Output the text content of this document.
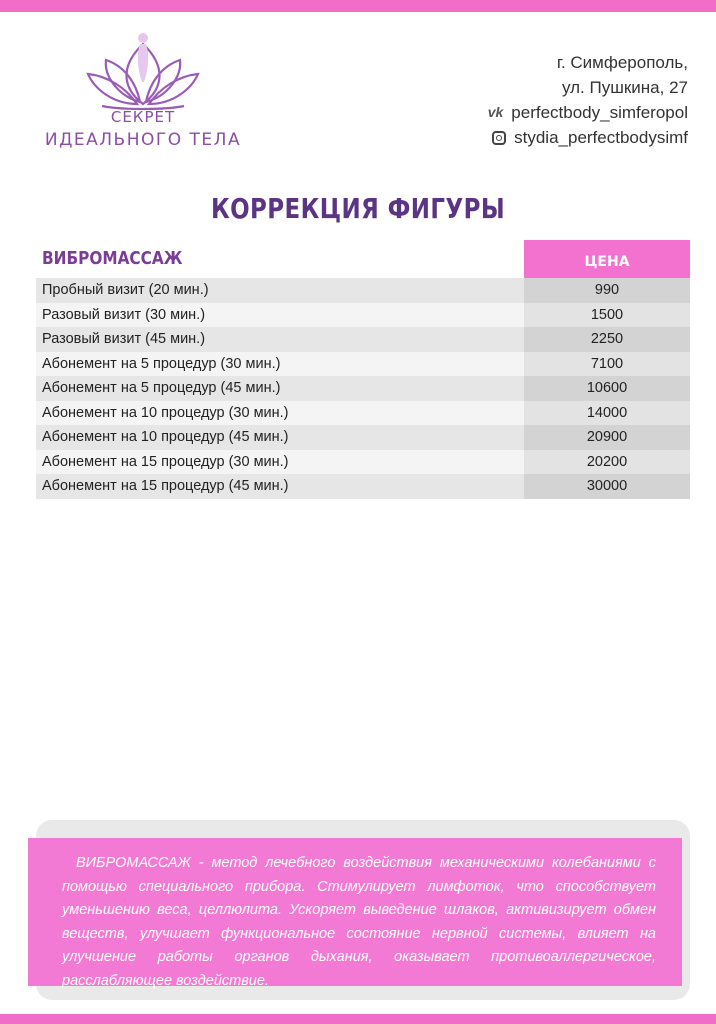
СЕКРЕТ
ИДЕАЛЬНОГО ТЕЛА
г. Симферополь,
ул. Пушкина, 27
vk perfectbody_simferopol
stydia_perfectbodysimf
КОРРЕКЦИЯ ФИГУРЫ
ВИБРОМАССАЖ	ЦЕНА
Пробный визит (20 мин.)	990
Разовый визит (30 мин.)	1500
Разовый визит (45 мин.)	2250
Абонемент на 5 процедур (30 мин.)	7100
Абонемент на 5 процедур (45 мин.)	10600
Абонемент на 10 процедур (30 мин.)	14000
Абонемент на 10 процедур (45 мин.)	20900
Абонемент на 15 процедур (30 мин.)	20200
Абонемент на 15 процедур (45 мин.)	30000

ВИБРОМАССАЖ - метод лечебного воздействия механическими колебаниями с помощью специального прибора. Стимулирует лимфоток, что способствует уменьшению веса, целлюлита. Ускоряет выведение шлаков, активизирует обмен веществ, улучшает функциональное состояние нервной системы, влияет на улучшение работы органов дыхания, оказывает противоаллергическое, расслабляющее воздействие.
